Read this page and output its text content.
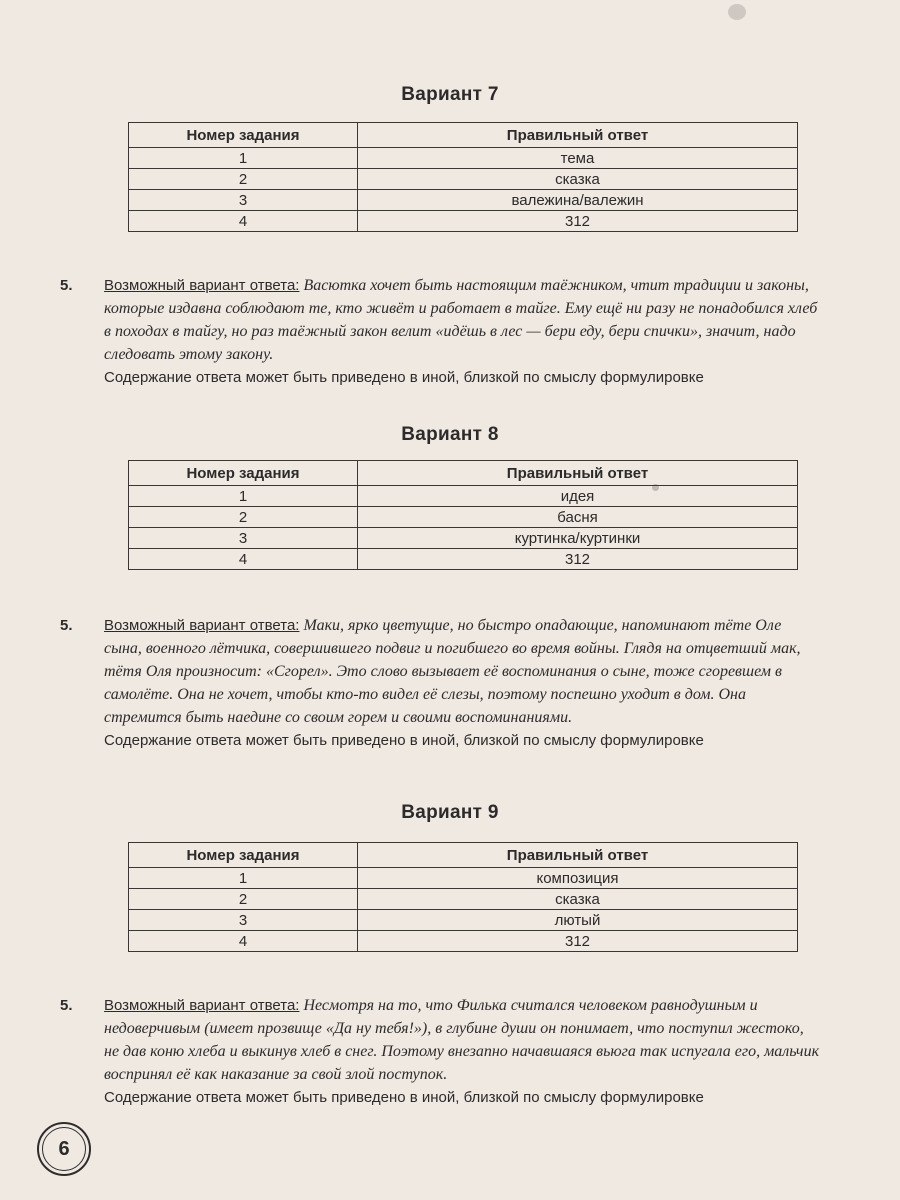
Вариант 7
Номер задания	Правильный ответ
1	тема
2	сказка
3	валежина/валежин
4	312
5. Возможный вариант ответа: Васютка хочет быть настоящим таёжником, чтит традиции и законы, которые издавна соблюдают те, кто живёт и работает в тайге. Ему ещё ни разу не понадобился хлеб в походах в тайгу, но раз таёжный закон велит «идёшь в лес — бери еду, бери спички», значит, надо следовать этому закону.
Содержание ответа может быть приведено в иной, близкой по смыслу формулировке
Вариант 8
Номер задания	Правильный ответ
1	идея
2	басня
3	куртинка/куртинки
4	312
5. Возможный вариант ответа: Маки, ярко цветущие, но быстро опадающие, напоминают тёте Оле сына, военного лётчика, совершившего подвиг и погибшего во время войны. Глядя на отцветший мак, тётя Оля произносит: «Сгорел». Это слово вызывает её воспоминания о сыне, тоже сгоревшем в самолёте. Она не хочет, чтобы кто-то видел её слезы, поэтому поспешно уходит в дом. Она стремится быть наедине со своим горем и своими воспоминаниями.
Содержание ответа может быть приведено в иной, близкой по смыслу формулировке
Вариант 9
Номер задания	Правильный ответ
1	композиция
2	сказка
3	лютый
4	312
5. Возможный вариант ответа: Несмотря на то, что Филька считался человеком равнодушным и недоверчивым (имеет прозвище «Да ну тебя!»), в глубине души он понимает, что поступил жестоко, не дав коню хлеба и выкинув хлеб в снег. Поэтому внезапно начавшаяся вьюга так испугала его, мальчик воспринял её как наказание за свой злой поступок.
Содержание ответа может быть приведено в иной, близкой по смыслу формулировке
6
